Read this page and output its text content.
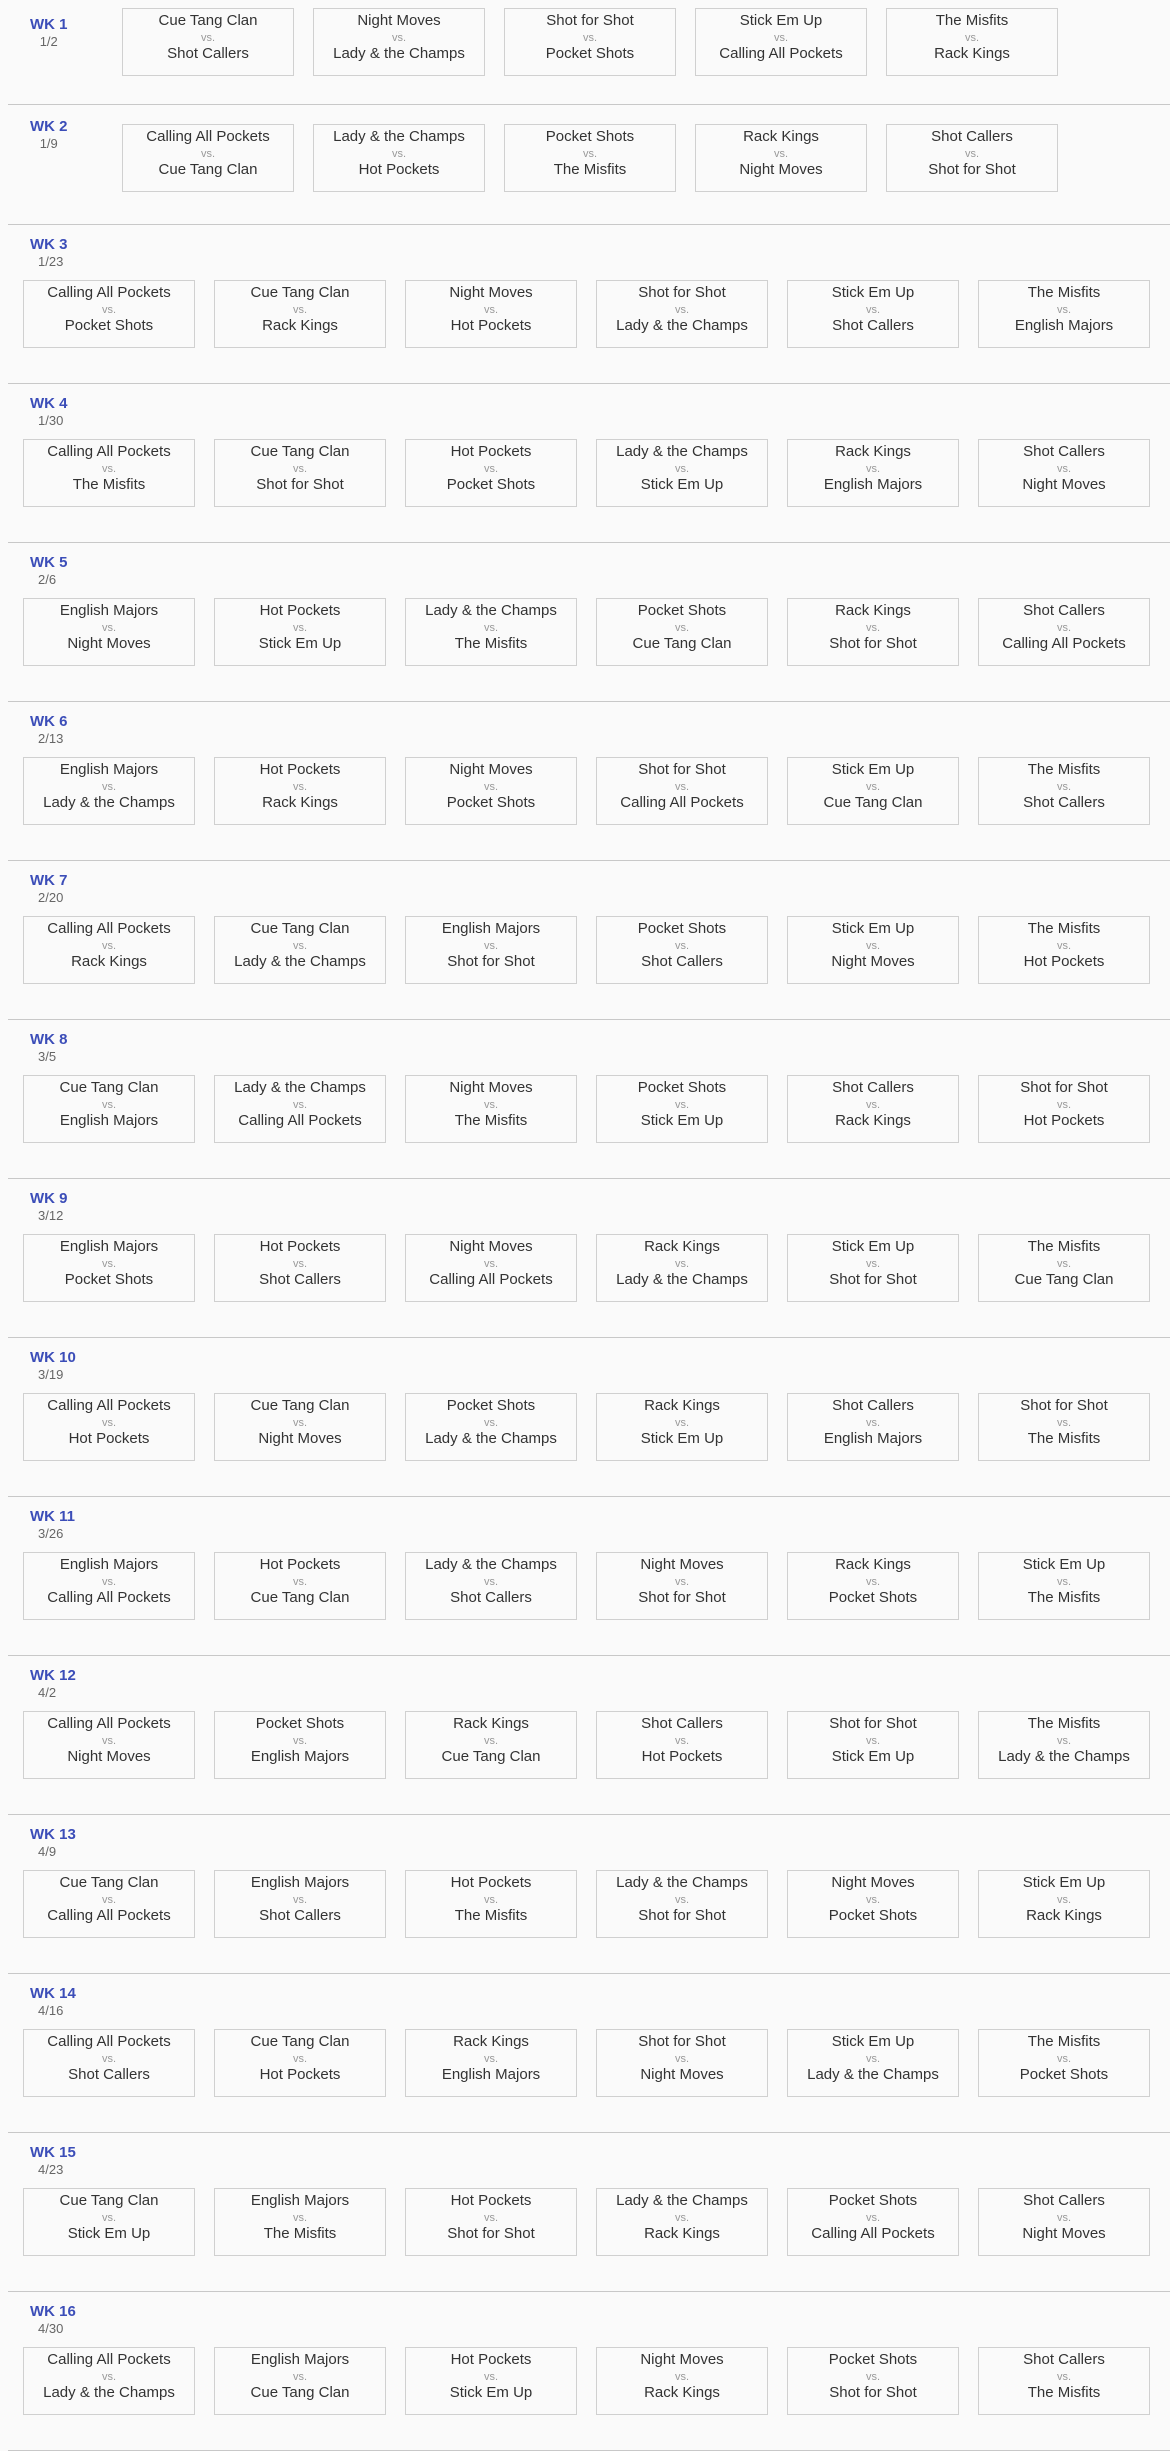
WK 1
1/2
Cue Tang Clan
vs.
Shot Callers
Night Moves
vs.
Lady & the Champs
Shot for Shot
vs.
Pocket Shots
Stick Em Up
vs.
Calling All Pockets
The Misfits
vs.
Rack Kings
WK 2
1/9	Calling All Pockets
vs.
Cue Tang Clan
Lady & the Champs
vs.
Hot Pockets
Pocket Shots
vs.
The Misfits
Rack Kings
vs.
Night Moves
Shot Callers
vs.
Shot for Shot
WK 3
1/23
Calling All Pockets
vs.
Pocket Shots
Cue Tang Clan
vs.
Rack Kings
Night Moves
vs.
Hot Pockets
Shot for Shot
vs.
Lady & the Champs
Stick Em Up
vs.
Shot Callers
The Misfits
vs.
English Majors
WK 4
1/30
Calling All Pockets
vs.
The Misfits
Cue Tang Clan
vs.
Shot for Shot
Hot Pockets
vs.
Pocket Shots
Lady & the Champs
vs.
Stick Em Up
Rack Kings
vs.
English Majors
Shot Callers
vs.
Night Moves
WK 5
2/6
English Majors
vs.
Night Moves
Hot Pockets
vs.
Stick Em Up
Lady & the Champs
vs.
The Misfits
Pocket Shots
vs.
Cue Tang Clan
Rack Kings
vs.
Shot for Shot
Shot Callers
vs.
Calling All Pockets
WK 6
2/13
English Majors
vs.
Lady & the Champs
Hot Pockets
vs.
Rack Kings
Night Moves
vs.
Pocket Shots
Shot for Shot
vs.
Calling All Pockets
Stick Em Up
vs.
Cue Tang Clan
The Misfits
vs.
Shot Callers
WK 7
2/20
Calling All Pockets
vs.
Rack Kings
Cue Tang Clan
vs.
Lady & the Champs
English Majors
vs.
Shot for Shot
Pocket Shots
vs.
Shot Callers
Stick Em Up
vs.
Night Moves
The Misfits
vs.
Hot Pockets
WK 8
3/5
Cue Tang Clan
vs.
English Majors
Lady & the Champs
vs.
Calling All Pockets
Night Moves
vs.
The Misfits
Pocket Shots
vs.
Stick Em Up
Shot Callers
vs.
Rack Kings
Shot for Shot
vs.
Hot Pockets
WK 9
3/12
English Majors
vs.
Pocket Shots
Hot Pockets
vs.
Shot Callers
Night Moves
vs.
Calling All Pockets
Rack Kings
vs.
Lady & the Champs
Stick Em Up
vs.
Shot for Shot
The Misfits
vs.
Cue Tang Clan
WK 10
3/19
Calling All Pockets
vs.
Hot Pockets
Cue Tang Clan
vs.
Night Moves
Pocket Shots
vs.
Lady & the Champs
Rack Kings
vs.
Stick Em Up
Shot Callers
vs.
English Majors
Shot for Shot
vs.
The Misfits
WK 11
3/26
English Majors
vs.
Calling All Pockets
Hot Pockets
vs.
Cue Tang Clan
Lady & the Champs
vs.
Shot Callers
Night Moves
vs.
Shot for Shot
Rack Kings
vs.
Pocket Shots
Stick Em Up
vs.
The Misfits
WK 12
4/2
Calling All Pockets
vs.
Night Moves
Pocket Shots
vs.
English Majors
Rack Kings
vs.
Cue Tang Clan
Shot Callers
vs.
Hot Pockets
Shot for Shot
vs.
Stick Em Up
The Misfits
vs.
Lady & the Champs
WK 13
4/9
Cue Tang Clan
vs.
Calling All Pockets
English Majors
vs.
Shot Callers
Hot Pockets
vs.
The Misfits
Lady & the Champs
vs.
Shot for Shot
Night Moves
vs.
Pocket Shots
Stick Em Up
vs.
Rack Kings
WK 14
4/16
Calling All Pockets
vs.
Shot Callers
Cue Tang Clan
vs.
Hot Pockets
Rack Kings
vs.
English Majors
Shot for Shot
vs.
Night Moves
Stick Em Up
vs.
Lady & the Champs
The Misfits
vs.
Pocket Shots
WK 15
4/23
Cue Tang Clan
vs.
Stick Em Up
English Majors
vs.
The Misfits
Hot Pockets
vs.
Shot for Shot
Lady & the Champs
vs.
Rack Kings
Pocket Shots
vs.
Calling All Pockets
Shot Callers
vs.
Night Moves
WK 16
4/30
Calling All Pockets
vs.
Lady & the Champs
English Majors
vs.
Cue Tang Clan
Hot Pockets
vs.
Stick Em Up
Night Moves
vs.
Rack Kings
Pocket Shots
vs.
Shot for Shot
Shot Callers
vs.
The Misfits
